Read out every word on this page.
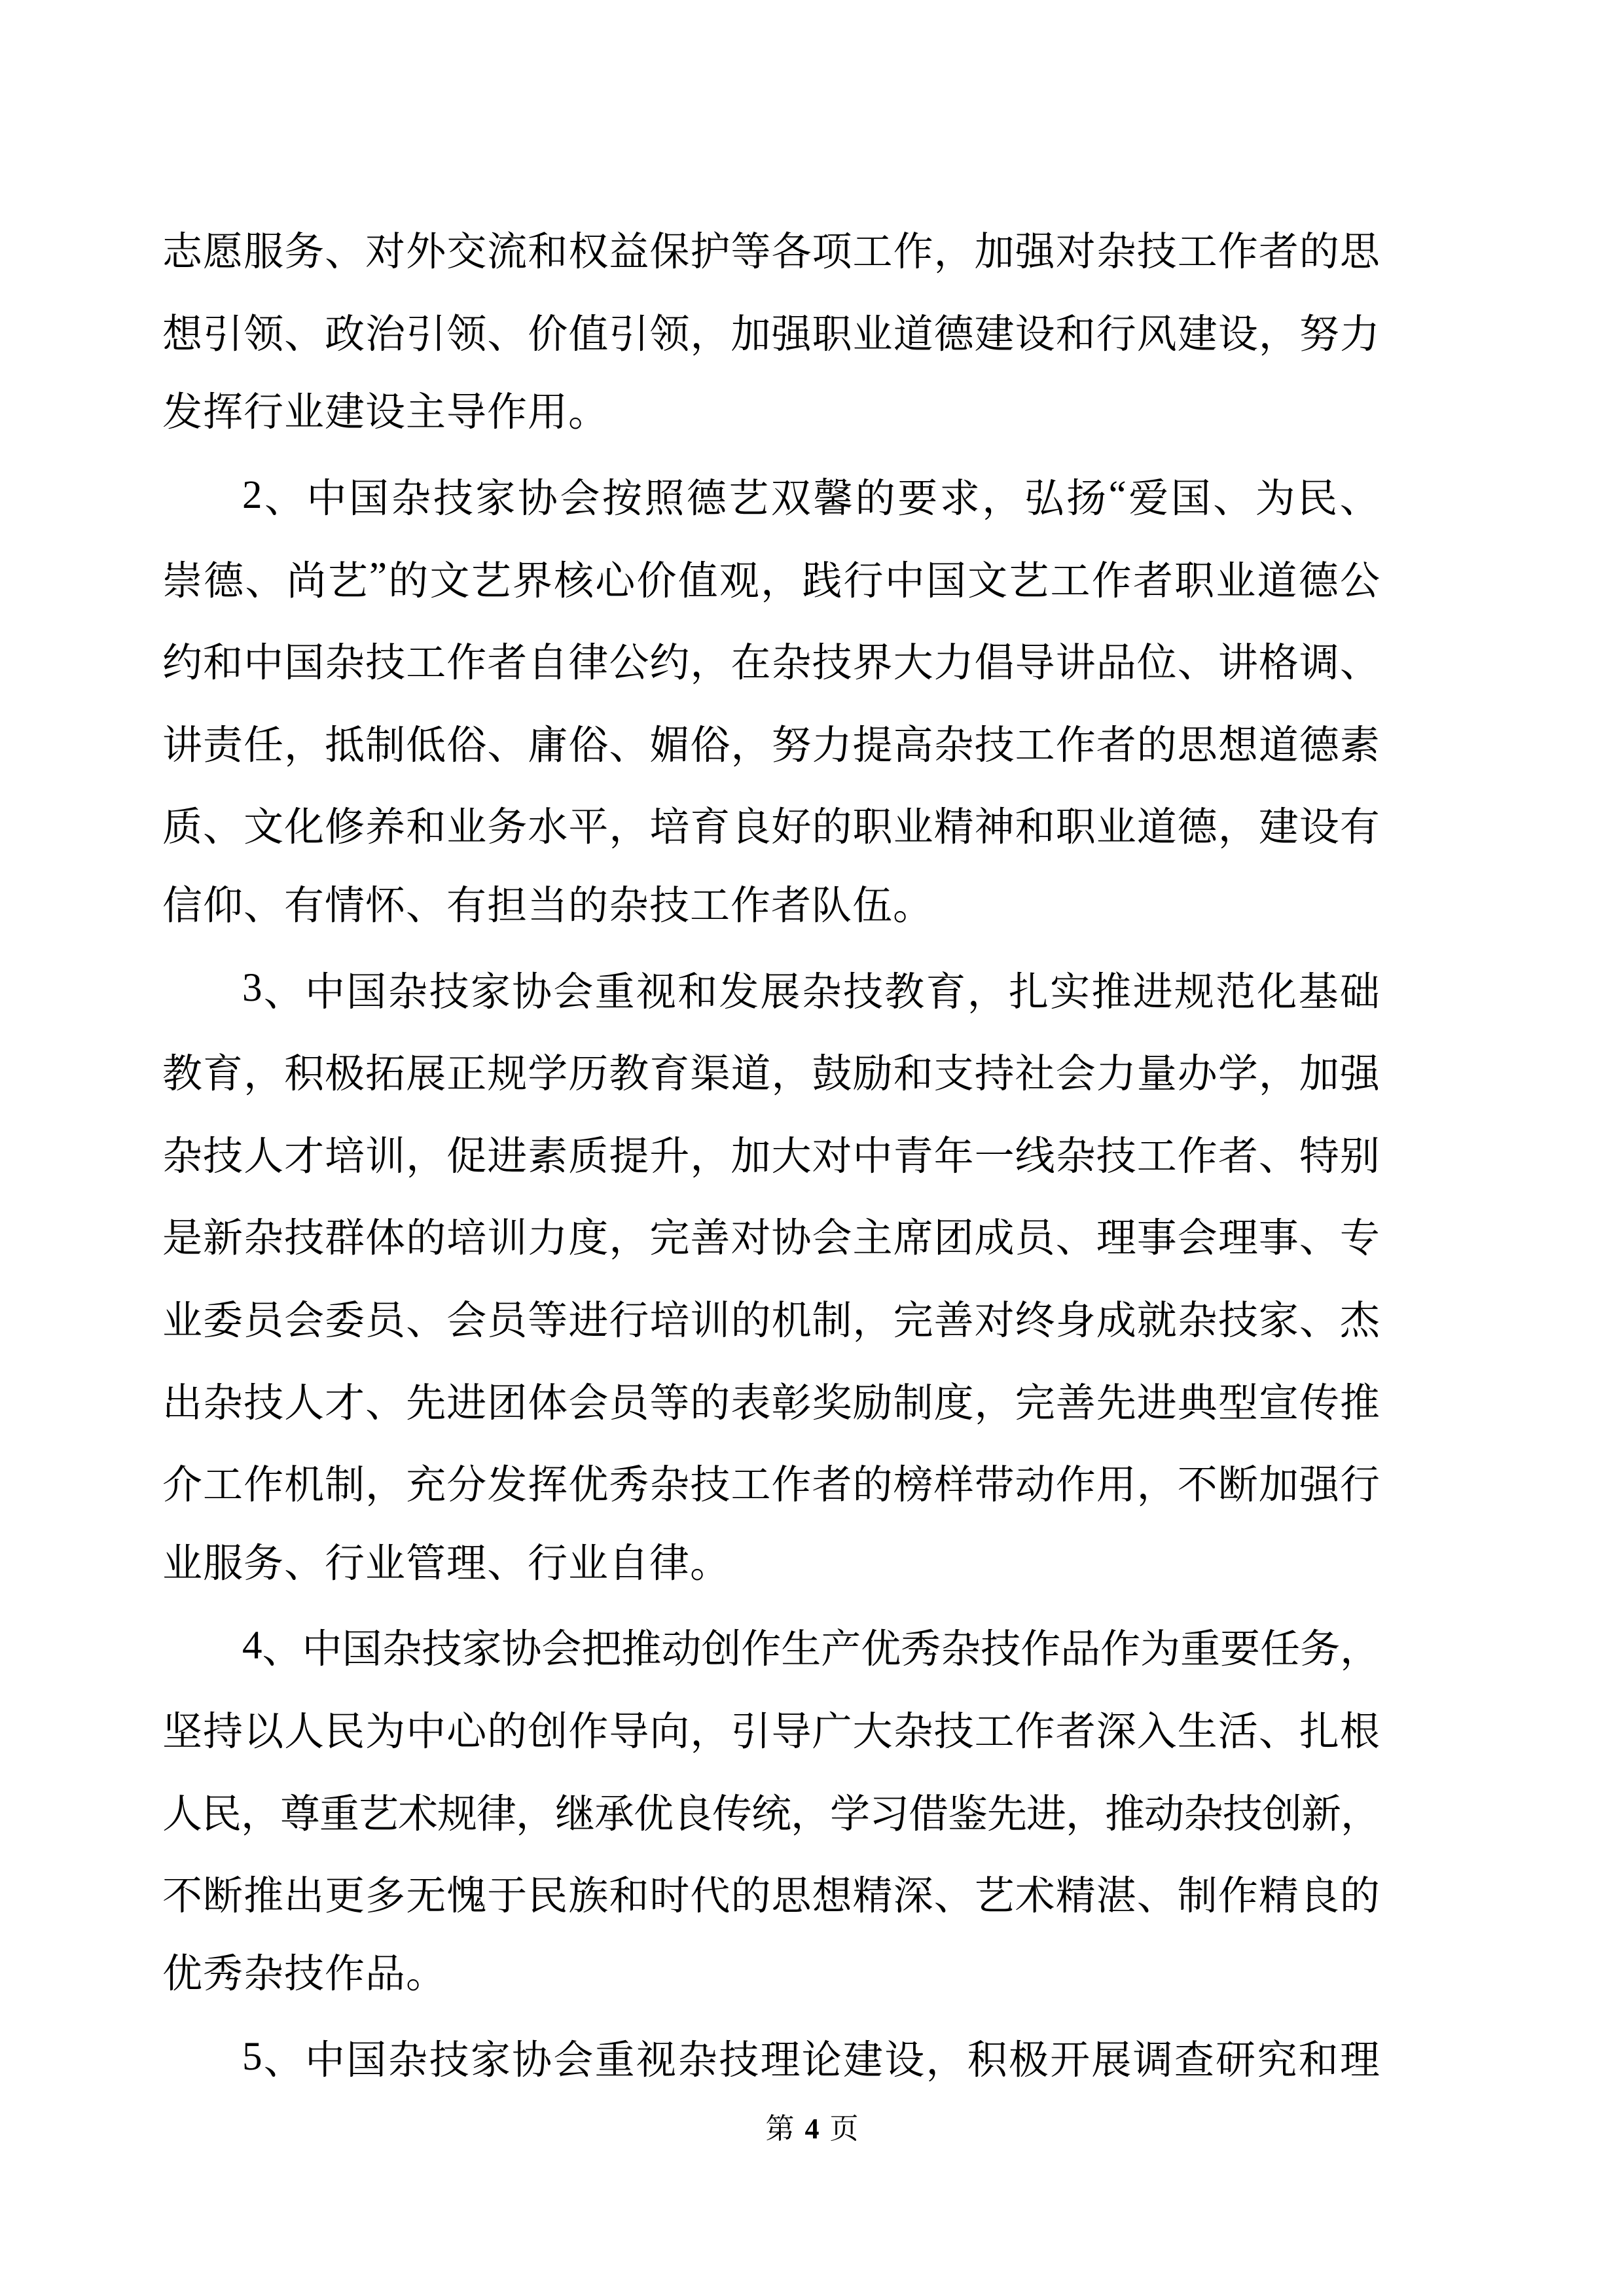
志 愿 服 务 、 对 外 交 流 和 权 益 保 护 等 各 项 工 作 ， 加 强 对 杂 技 工 作 者 的 思
想 引 领 、 政 治 引 领 、 价 值 引 领 ， 加 强 职 业 道 德 建 设 和 行 风 建 设 ， 努 力
发挥行业建设主导作用。
2 、 中 国 杂 技 家 协 会 按 照 德 艺 双 馨 的 要 求 ， 弘 扬 “ 爱 国 、 为 民 、
崇 德 、 尚 艺 ” 的 文 艺 界 核 心 价 值 观 ， 践 行 中 国 文 艺 工 作 者 职 业 道 德 公
约 和 中 国 杂 技 工 作 者 自 律 公 约 ， 在 杂 技 界 大 力 倡 导 讲 品 位 、 讲 格 调 、
讲 责 任 ， 抵 制 低 俗 、 庸 俗 、 媚 俗 ， 努 力 提 高 杂 技 工 作 者 的 思 想 道 德 素
质 、 文 化 修 养 和 业 务 水 平 ， 培 育 良 好 的 职 业 精 神 和 职 业 道 德 ， 建 设 有
信仰、有情怀、有担当的杂技工作者队伍。
3 、 中 国 杂 技 家 协 会 重 视 和 发 展 杂 技 教 育 ， 扎 实 推 进 规 范 化 基 础
教 育 ， 积 极 拓 展 正 规 学 历 教 育 渠 道 ， 鼓 励 和 支 持 社 会 力 量 办 学 ， 加 强
杂 技 人 才 培 训 ， 促 进 素 质 提 升 ， 加 大 对 中 青 年 一 线 杂 技 工 作 者 、 特 别
是 新 杂 技 群 体 的 培 训 力 度 ， 完 善 对 协 会 主 席 团 成 员 、 理 事 会 理 事 、 专
业 委 员 会 委 员 、 会 员 等 进 行 培 训 的 机 制 ， 完 善 对 终 身 成 就 杂 技 家 、 杰
出 杂 技 人 才 、 先 进 团 体 会 员 等 的 表 彰 奖 励 制 度 ， 完 善 先 进 典 型 宣 传 推
介 工 作 机 制 ， 充 分 发 挥 优 秀 杂 技 工 作 者 的 榜 样 带 动 作 用 ， 不 断 加 强 行
业服务、行业管理、行业自律。
4 、 中 国 杂 技 家 协 会 把 推 动 创 作 生 产 优 秀 杂 技 作 品 作 为 重 要 任 务 ，
坚 持 以 人 民 为 中 心 的 创 作 导 向 ， 引 导 广 大 杂 技 工 作 者 深 入 生 活 、 扎 根
人
民
，
尊
重
艺
术
规
律
，
继
承
优
良
传
统
，
学
习
借
鉴
先
进
，
推
动
杂
技
创
新
，
不 断 推 出 更 多 无 愧 于 民 族 和 时 代 的 思 想 精 深 、 艺 术 精 湛 、 制 作 精 良 的
优秀杂技作品。
5 、 中 国 杂 技 家 协 会 重 视 杂 技 理 论 建 设 ， 积 极 开 展 调 查 研 究 和 理
第 4 页
